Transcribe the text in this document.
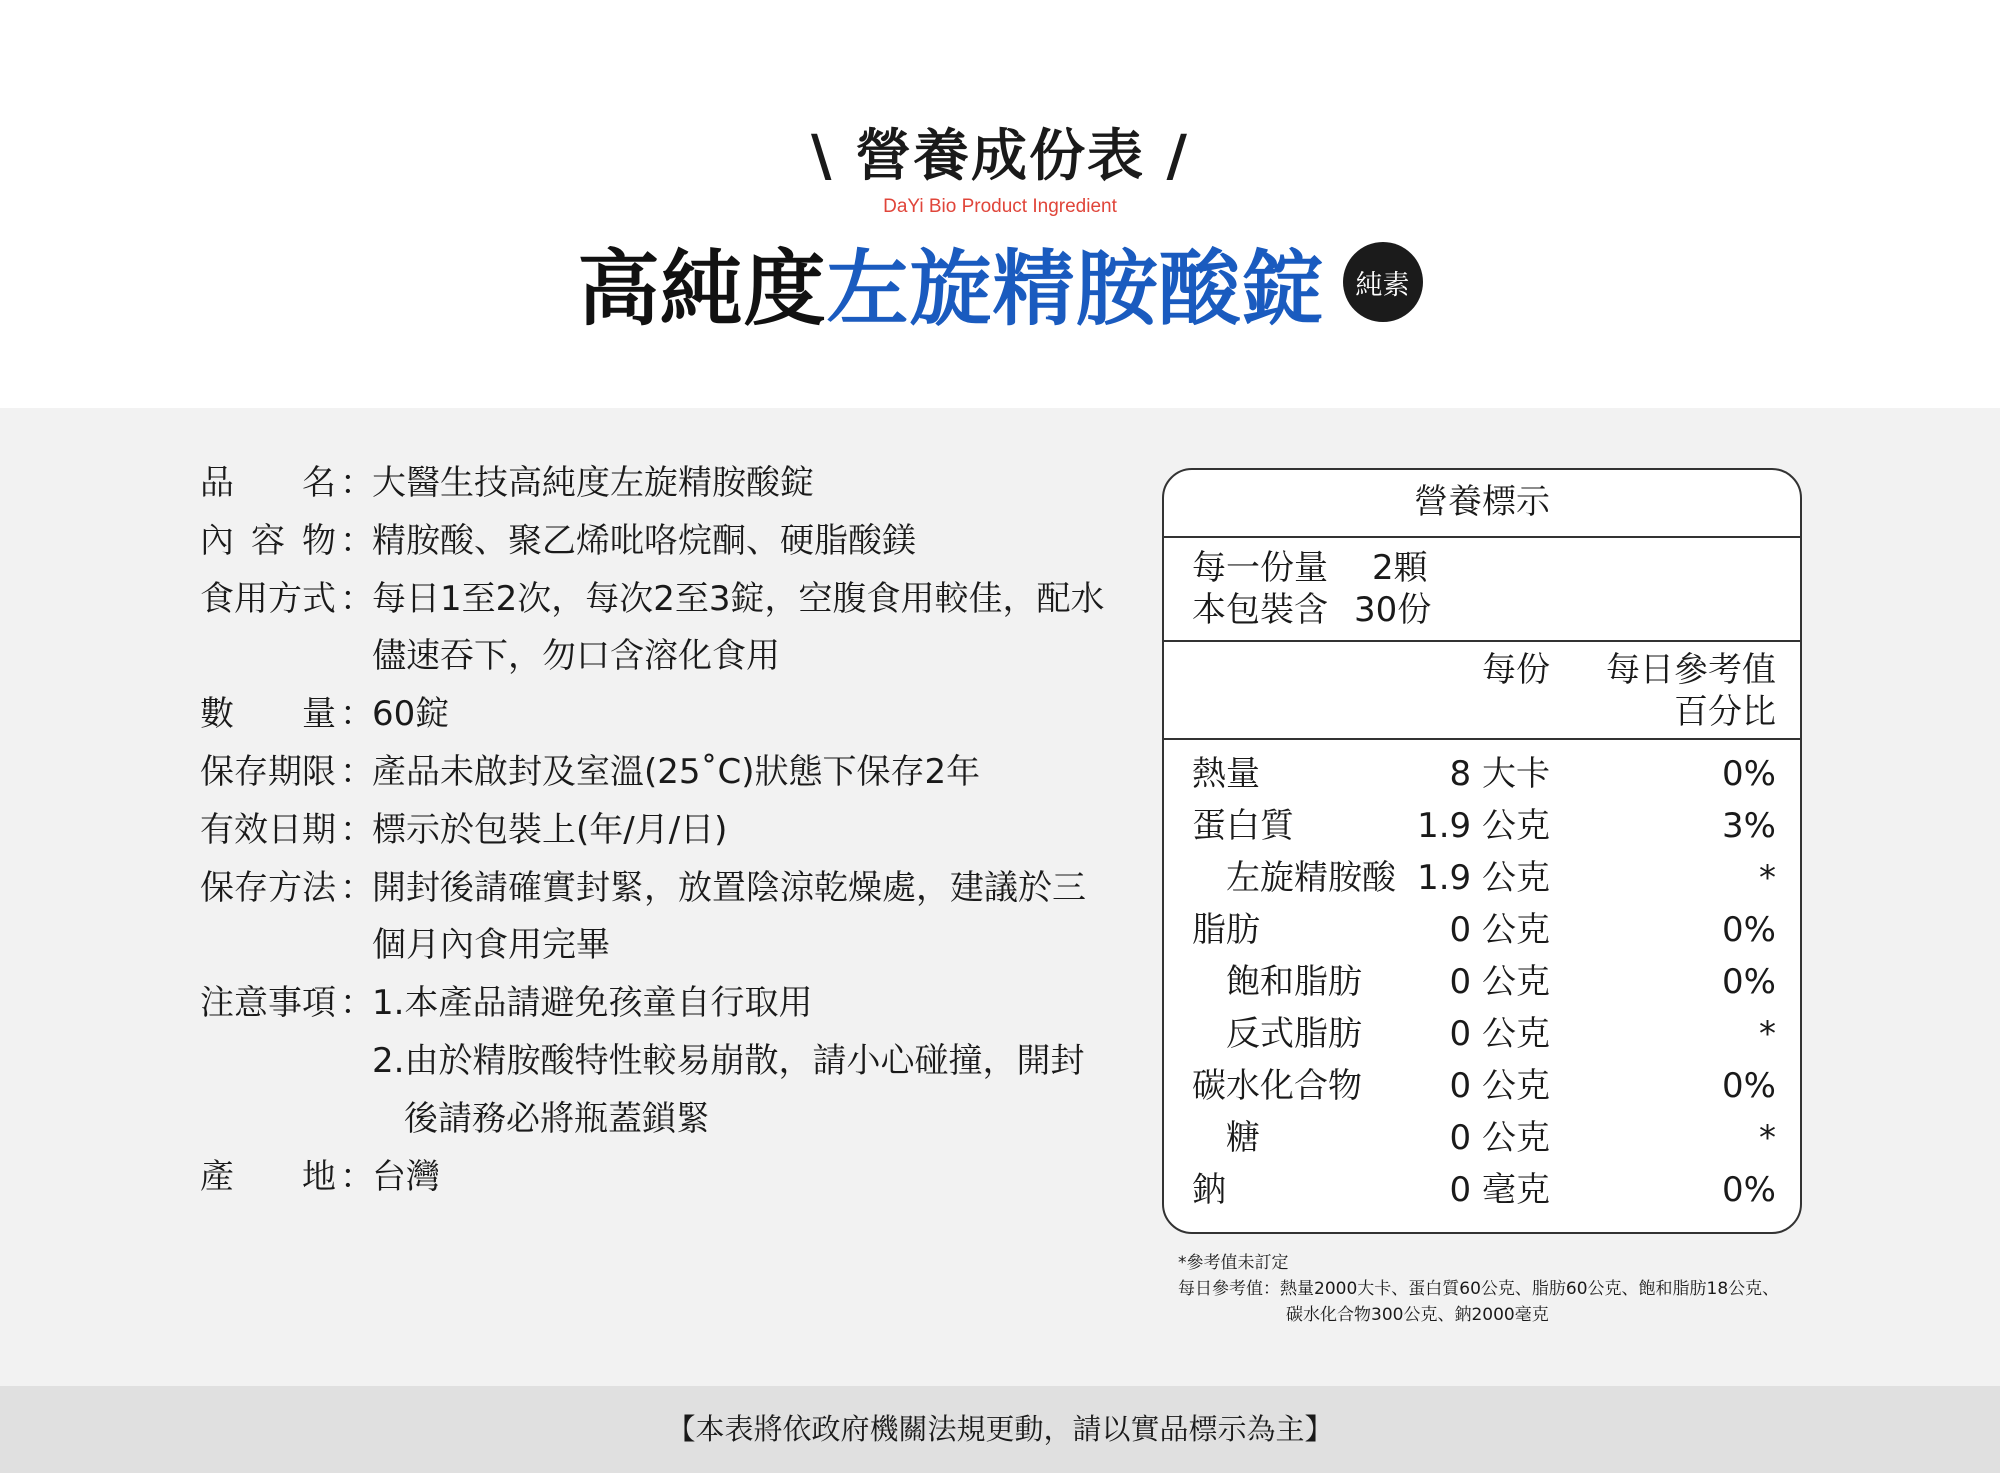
\ 營養成份表 /
DaYi Bio Product Ingredient
高純度 左旋精胺酸錠	純素
品 名 ：
大醫生技高純度左旋精胺酸錠
內 容 物 ：
精胺酸、聚乙烯吡咯烷酮、硬脂酸鎂
食用方式 ：
每日1至2次，每次2至3錠，空腹食用較佳，配水
儘速吞下，勿口含溶化食用
數 量 ：
60錠
保存期限 ：
產品未啟封及室溫(25˚C)狀態下保存2年
有效日期 ：
標示於包裝上(年/月/日)
保存方法 ：
開封後請確實封緊，放置陰涼乾燥處，建議於三
個月內食用完畢
注意事項 ：
1.本產品請避免孩童自行取用
2.由於精胺酸特性較易崩散，請小心碰撞，開封
後請務必將瓶蓋鎖緊
產 地 ：
台灣
營養標示
每一份量 2顆
本包裝含 30份
每份 每日參考值
百分比
熱量	8 大卡	0%
蛋白質	1.9 公克	3%
左旋精胺酸 1.9 公克	*
脂肪	0 公克	0%
飽和脂肪	0 公克	0%
反式脂肪	0 公克	*
碳水化合物	0 公克	0%
糖	0 公克	*
鈉	0 毫克	0%
*參考值未訂定
每日參考值：熱量2000大卡、蛋白質60公克、脂肪60公克、飽和脂肪18公克、
碳水化合物300公克、鈉2000毫克
【本表將依政府機關法規更動，請以實品標示為主】
